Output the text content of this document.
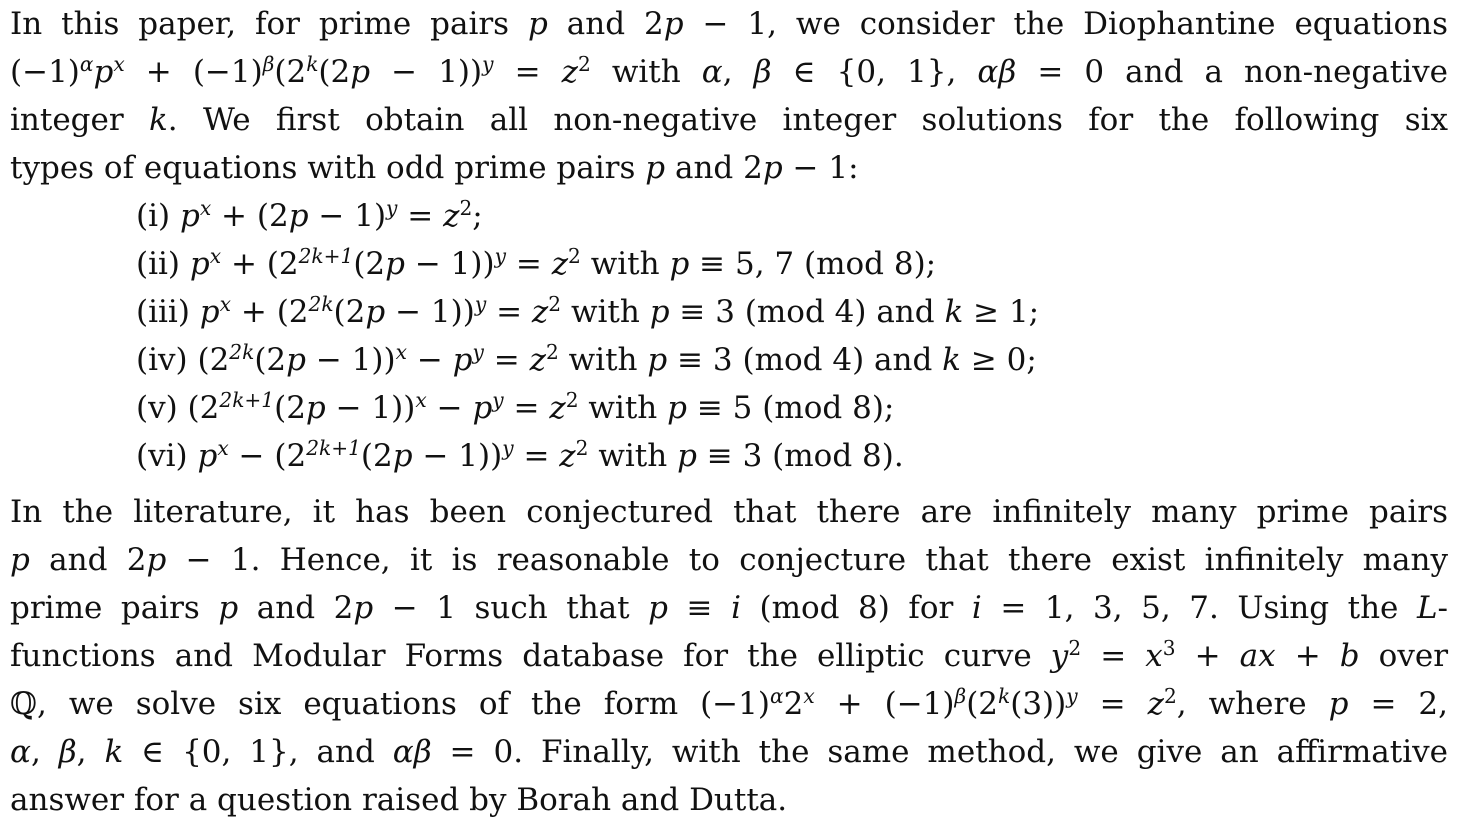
In this paper, for prime pairs p and 2p − 1, we consider the Diophantine equations
$(-1)^\alpha p^x + (-1)^\beta(2^k(2p - 1))^y = z^2$ with α, β ∈ {0, 1}, αβ = 0 and a non-negative
integer k. We first obtain all non-negative integer solutions for the following six
types of equations with odd prime pairs p and 2p − 1:
(i) $p^x + (2p - 1)^y = z^2$;
(ii) $p^x + (2^{2k+1}(2p - 1))^y = z^2$ with p ≡ 5, 7 (mod 8);
(iii) $p^x + (2^{2k}(2p - 1))^y = z^2$ with p ≡ 3 (mod 4) and k ≥ 1;
(iv) $(2^{2k}(2p - 1))^x - p^y = z^2$ with p ≡ 3 (mod 4) and k ≥ 0;
(v) $(2^{2k+1}(2p - 1))^x - p^y = z^2$ with p ≡ 5 (mod 8);
(vi) $p^x - (2^{2k+1}(2p - 1))^y = z^2$ with p ≡ 3 (mod 8).
In the literature, it has been conjectured that there are infinitely many prime pairs
p and 2p − 1. Hence, it is reasonable to conjecture that there exist infinitely many
prime pairs p and 2p − 1 such that p ≡ i (mod 8) for i = 1, 3, 5, 7. Using the L-
functions and Modular Forms database for the elliptic curve $y^2 = x^3$ + ax + b over
ℚ, we solve six equations of the form $(-1)^\alpha 2^x + (-1)^\beta(2^k(3))^y = z^2$, where p = 2,
α, β, k ∈ {0, 1}, and αβ = 0. Finally, with the same method, we give an affirmative
answer for a question raised by Borah and Dutta.
